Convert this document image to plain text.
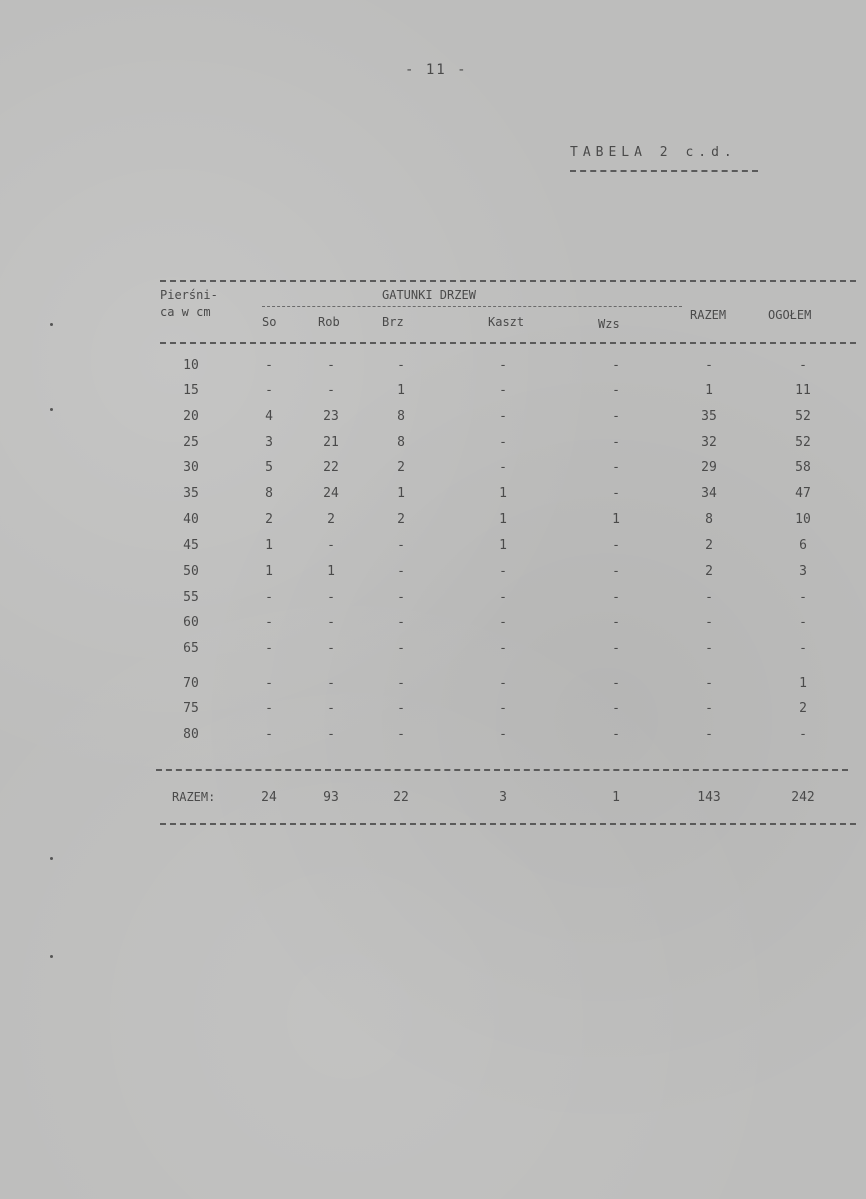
- 11 -
TABELA 2 c.d.
Pierśni-
ca w cm
GATUNKI DRZEW
So	Rob	Brz	Kaszt	Wzs
RAZEM	OGOŁEM
10	-	-	-	-	-	-	-
15	-	-	1	-	-	1	11
20	4	23	8	-	-	35	52
25	3	21	8	-	-	32	52
30	5	22	2	-	-	29	58
35	8	24	1	1	-	34	47
40	2	2	2	1	1	8	10
45	1	-	-	1	-	2	6
50	1	1	-	-	-	2	3
55	-	-	-	-	-	-	-
60	-	-	-	-	-	-	-
65	-	-	-	-	-	-	-
70	-	-	-	-	-	-	1
75	-	-	-	-	-	-	2
80	-	-	-	-	-	-	-
RAZEM:	24	93	22	3	1	143	242
